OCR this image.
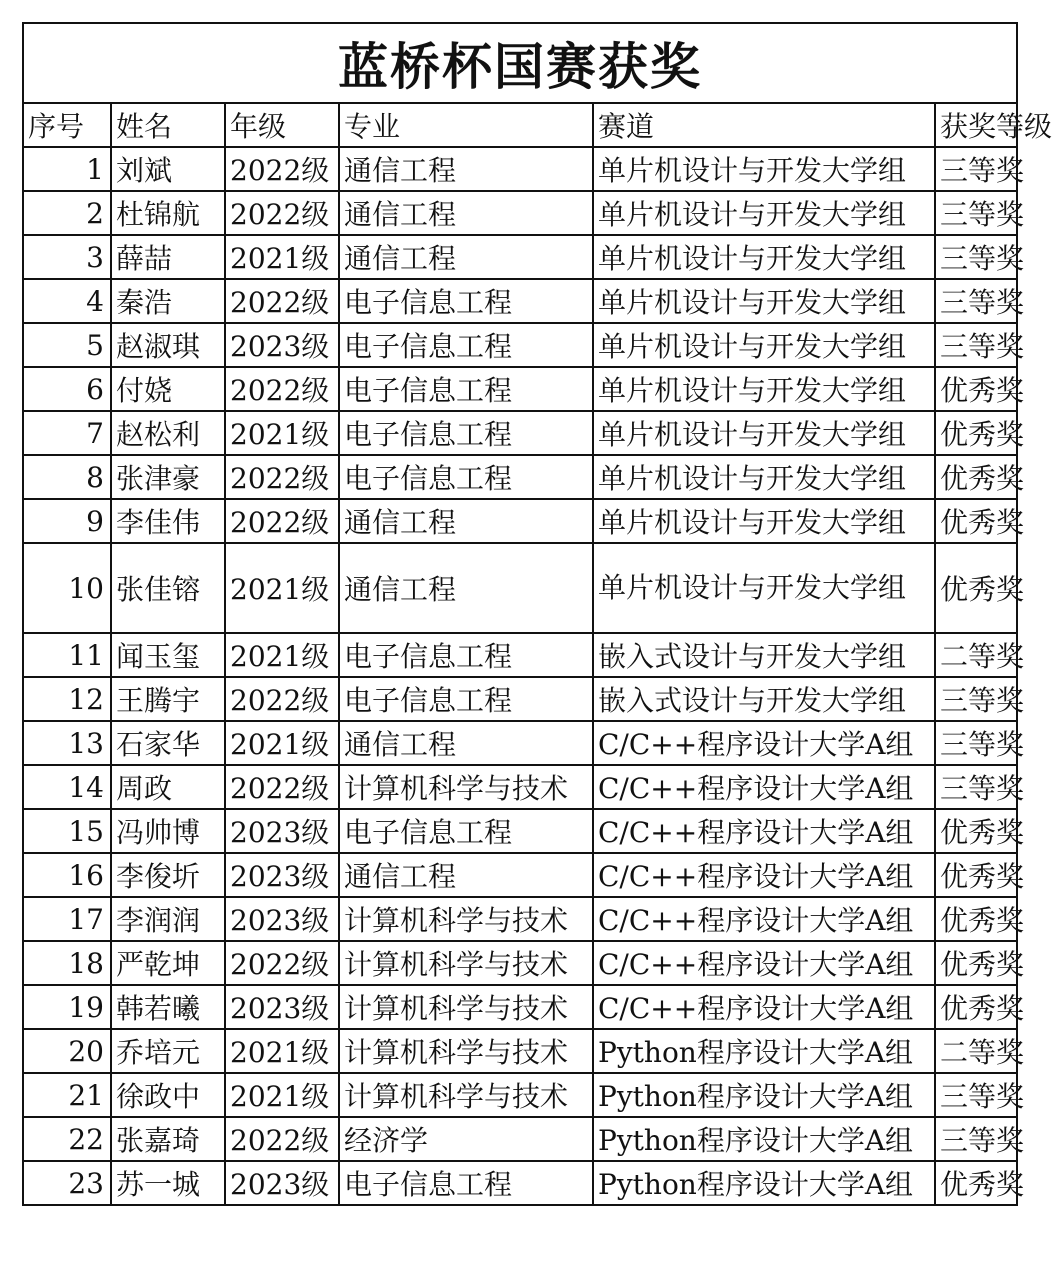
蓝桥杯国赛获奖
序号	姓名	年级	专业	赛道	获奖等级
1	刘斌	2022级	通信工程	单片机设计与开发大学组	三等奖
2	杜锦航	2022级	通信工程	单片机设计与开发大学组	三等奖
3	薛喆	2021级	通信工程	单片机设计与开发大学组	三等奖
4	秦浩	2022级	电子信息工程	单片机设计与开发大学组	三等奖
5	赵淑琪	2023级	电子信息工程	单片机设计与开发大学组	三等奖
6	付娆	2022级	电子信息工程	单片机设计与开发大学组	优秀奖
7	赵松利	2021级	电子信息工程	单片机设计与开发大学组	优秀奖
8	张津豪	2022级	电子信息工程	单片机设计与开发大学组	优秀奖
9	李佳伟	2022级	通信工程	单片机设计与开发大学组	优秀奖
10	张佳镕	2021级	通信工程	单片机设计与开发大学组	优秀奖
11	闻玉玺	2021级	电子信息工程	嵌入式设计与开发大学组	二等奖
12	王腾宇	2022级	电子信息工程	嵌入式设计与开发大学组	三等奖
13	石家华	2021级	通信工程	C/C++程序设计大学A组	三等奖
14	周政	2022级	计算机科学与技术	C/C++程序设计大学A组	三等奖
15	冯帅博	2023级	电子信息工程	C/C++程序设计大学A组	优秀奖
16	李俊圻	2023级	通信工程	C/C++程序设计大学A组	优秀奖
17	李润润	2023级	计算机科学与技术	C/C++程序设计大学A组	优秀奖
18	严乾坤	2022级	计算机科学与技术	C/C++程序设计大学A组	优秀奖
19	韩若曦	2023级	计算机科学与技术	C/C++程序设计大学A组	优秀奖
20	乔培元	2021级	计算机科学与技术	Python程序设计大学A组	二等奖
21	徐政中	2021级	计算机科学与技术	Python程序设计大学A组	三等奖
22	张嘉琦	2022级	经济学	Python程序设计大学A组	三等奖
23	苏一城	2023级	电子信息工程	Python程序设计大学A组	优秀奖
